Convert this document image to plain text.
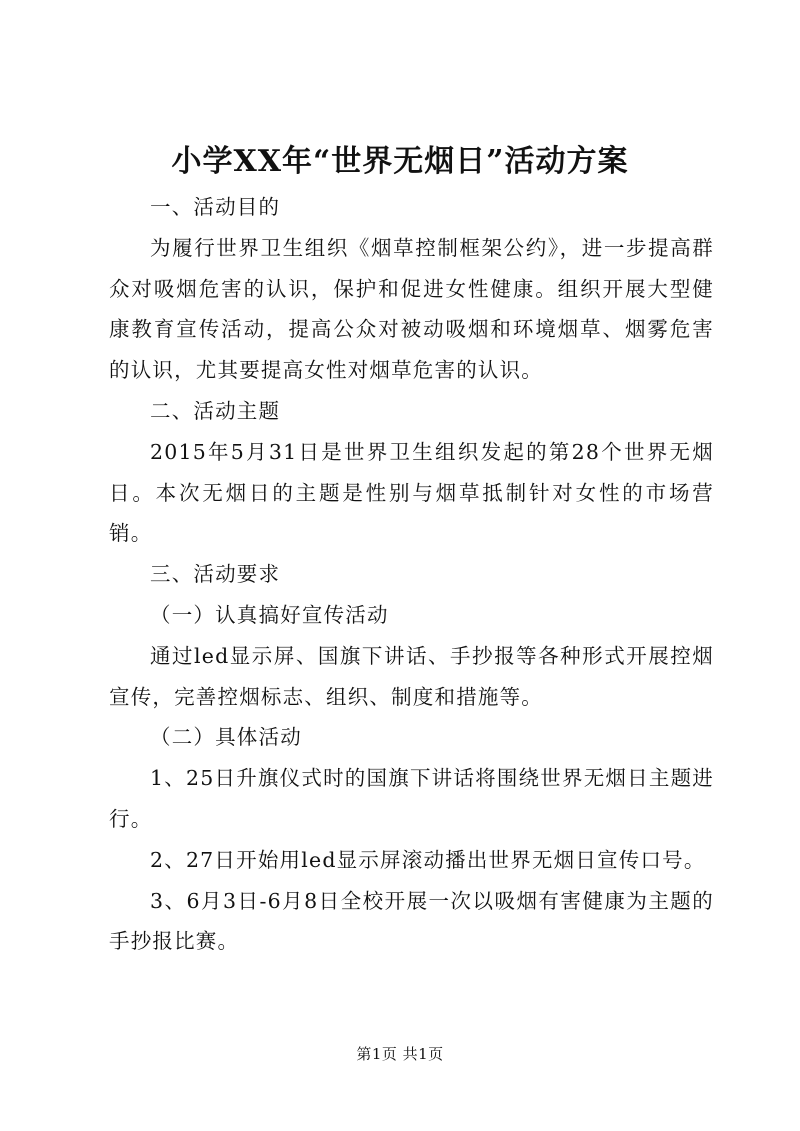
小学XX年“世界无烟日”活动方案

一、活动目的

为履行世界卫生组织《烟草控制框架公约》，进一步提高群众对吸烟危害的认识，保护和促进女性健康。组织开展大型健康教育宣传活动，提高公众对被动吸烟和环境烟草、烟雾危害的认识，尤其要提高女性对烟草危害的认识。

二、活动主题

2015年5月31日是世界卫生组织发起的第28个世界无烟日。本次无烟日的主题是性别与烟草抵制针对女性的市场营销。

三、活动要求

（一）认真搞好宣传活动

通过led显示屏、国旗下讲话、手抄报等各种形式开展控烟宣传，完善控烟标志、组织、制度和措施等。

（二）具体活动

1、25日升旗仪式时的国旗下讲话将围绕世界无烟日主题进行。

2、27日开始用led显示屏滚动播出世界无烟日宣传口号。

3、6月3日-6月8日全校开展一次以吸烟有害健康为主题的手抄报比赛。

第1页 共1页
